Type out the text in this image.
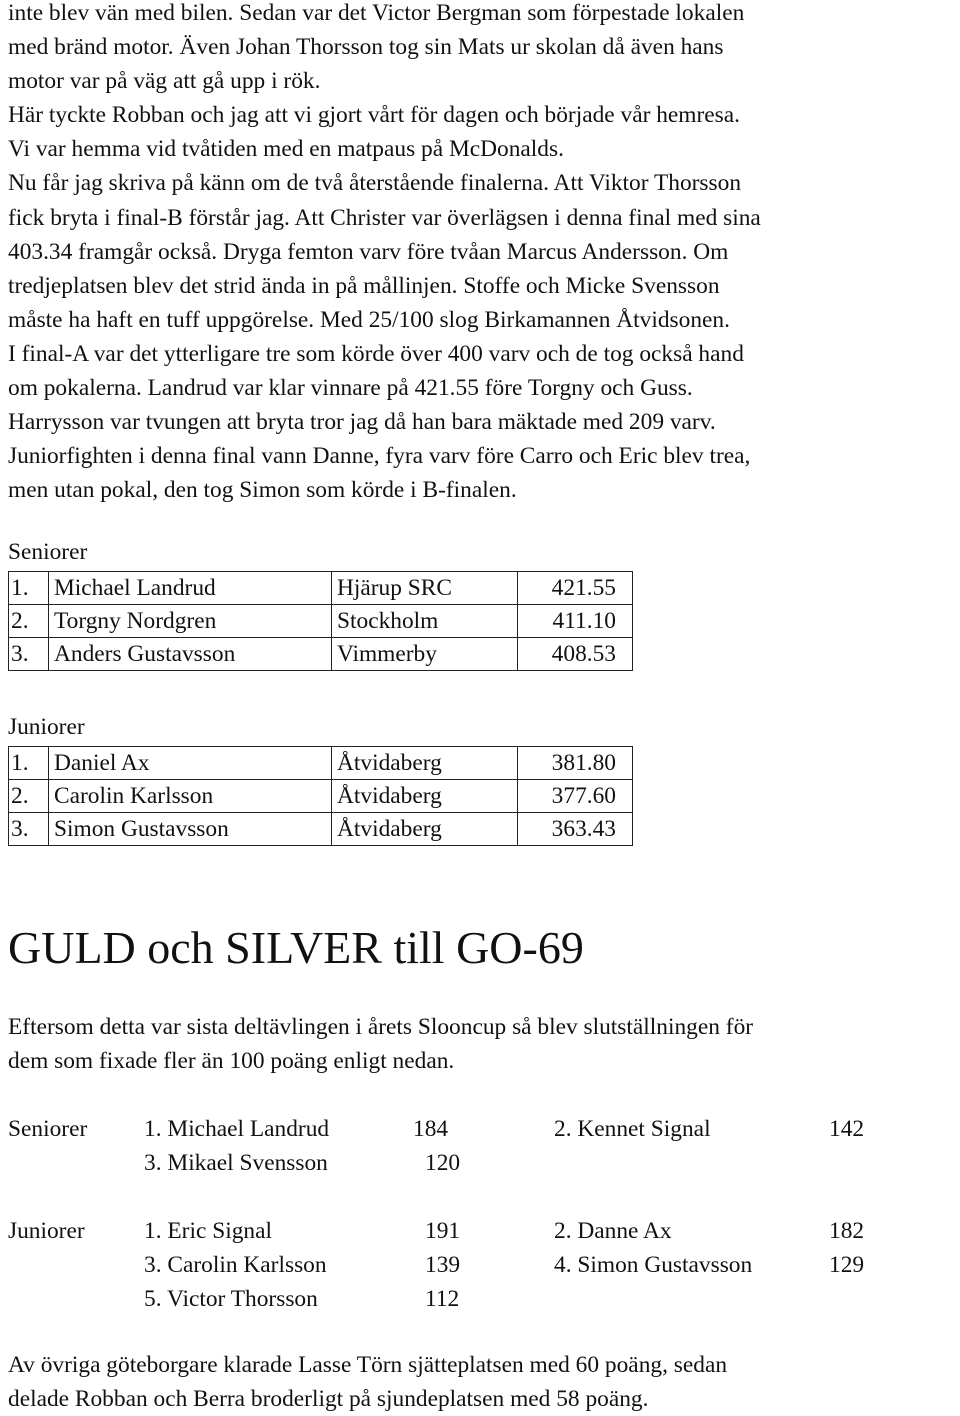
inte blev vän med bilen. Sedan var det Victor Bergman som förpestade lokalen
med bränd motor. Även Johan Thorsson tog sin Mats ur skolan då även hans
motor var på väg att gå upp i rök.
Här tyckte Robban och jag att vi gjort vårt för dagen och började vår hemresa.
Vi var hemma vid tvåtiden med en matpaus på McDonalds.
Nu får jag skriva på känn om de två återstående finalerna. Att Viktor Thorsson
fick bryta i final-B förstår jag. Att Christer var överlägsen i denna final med sina
403.34 framgår också. Dryga femton varv före tvåan Marcus Andersson. Om
tredjeplatsen blev det strid ända in på mållinjen. Stoffe och Micke Svensson
måste ha haft en tuff uppgörelse. Med 25/100 slog Birkamannen Åtvidsonen.
I final-A var det ytterligare tre som körde över 400 varv och de tog också hand
om pokalerna. Landrud var klar vinnare på 421.55 före Torgny och Guss.
Harrysson var tvungen att bryta tror jag då han bara mäktade med 209 varv.
Juniorfighten i denna final vann Danne, fyra varv före Carro och Eric blev trea,
men utan pokal, den tog Simon som körde i B-finalen.

Seniorer
1.	Michael Landrud	Hjärup SRC	421.55
2.	Torgny Nordgren	Stockholm	411.10
3.	Anders Gustavsson	Vimmerby	408.53
Juniorer
1.	Daniel Ax	Åtvidaberg	381.80
2.	Carolin Karlsson	Åtvidaberg	377.60
3.	Simon Gustavsson	Åtvidaberg	363.43
GULD och SILVER till GO-69

Eftersom detta var sista deltävlingen i årets Slooncup så blev slutställningen för
dem som fixade fler än 100 poäng enligt nedan.

Seniorer 1. Michael Landrud	184	2. Kennet Signal	142
3. Mikael Svensson	120
Juniorer	1. Eric Signal	191	2. Danne Ax	182
3. Carolin Karlsson	139	4. Simon Gustavsson	129
5. Victor Thorsson	112

Av övriga göteborgare klarade Lasse Törn sjätteplatsen med 60 poäng, sedan
delade Robban och Berra broderligt på sjundeplatsen med 58 poäng.
